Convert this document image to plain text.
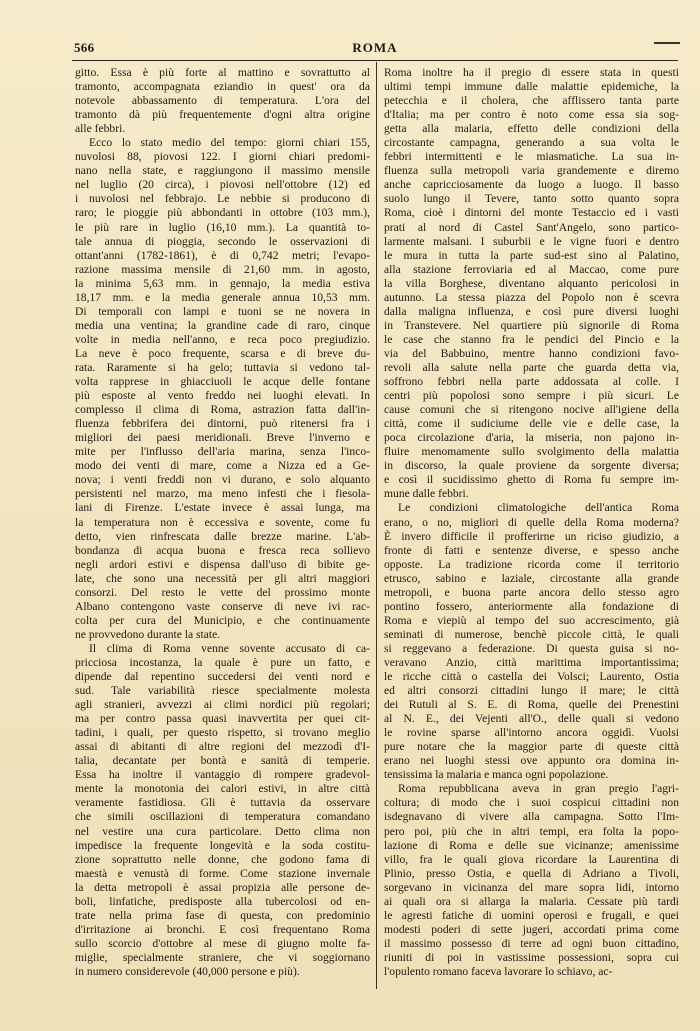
566	ROMA

gitto. Essa è più forte al mattino e sovrattutto al
tramonto, accompagnata eziandio in quest' ora da
notevole abbassamento di temperatura. L'ora del
tramonto dà più frequentemente d'ogni altra origine
alle febbri.

Ecco lo stato medio del tempo: giorni chiari 155,
nuvolosi 88, piovosi 122. I giorni chiari predomi-
nano nella state, e raggiungono il massimo mensile
nel luglio (20 circa), i piovosi nell'ottobre (12) ed
i nuvolosi nel febbrajo. Le nebbie si producono di
raro; le pioggie più abbondanti in ottobre (103 mm.),
le più rare in luglio (16,10 mm.). La quantità to-
tale annua di pioggia, secondo le osservazioni di
ottant'anni (1782-1861), è di 0,742 metri; l'evapo-
razione massima mensile di 21,60 mm. in agosto,
la minima 5,63 mm. in gennajo, la media estiva
18,17 mm. e la media generale annua 10,53 mm.
Di temporali con lampi e tuoni se ne novera in
media una ventina; la grandine cade di raro, cinque
volte in media nell'anno, e reca poco pregiudizio.
La neve è poco frequente, scarsa e di breve du-
rata. Raramente si ha gelo; tuttavia si vedono tal-
volta rapprese in ghiacciuoli le acque delle fontane
più esposte al vento freddo nei luoghi elevati. In
complesso il clima di Roma, astrazion fatta dall'in-
fluenza febbrifera dei dintorni, può ritenersi fra i
migliori dei paesi meridionali. Breve l'inverno e
mite per l'influsso dell'aria marina, senza l'inco-
modo dei venti di mare, come a Nizza ed a Ge-
nova; i venti freddi non vi durano, e solo alquanto
persistenti nel marzo, ma meno infesti che i fiesola-
lani di Firenze. L'estate invece è assai lunga, ma
la temperatura non è eccessiva e sovente, come fu
detto, vien rinfrescata dalle brezze marine. L'ab-
bondanza di acqua buona e fresca reca sollievo
negli ardori estivi e dispensa dall'uso di bibite ge-
late, che sono una necessità per gli altri maggiori
consorzi. Del resto le vette del prossimo monte
Albano contengono vaste conserve di neve ivi rac-
colta per cura del Municipio, e che continuamente
ne provvedono durante la state.

Il clima di Roma venne sovente accusato di ca-
pricciosa incostanza, la quale è pure un fatto, e
dipende dal repentino succedersi dei venti nord e
sud. Tale variabilità riesce specialmente molesta
agli stranieri, avvezzi ai climi nordici più regolari;
ma per contro passa quasi inavvertita per quei cit-
tadini, i quali, per questo rispetto, si trovano meglio
assai di abitanti di altre regioni del mezzodì d'I-
talia, decantate per bontà e sanità di temperie.
Essa ha inoltre il vantaggio di rompere gradevol-
mente la monotonia dei calori estivi, in altre città
veramente fastidiosa. Gli è tuttavia da osservare
che simili oscillazioni di temperatura comandano
nel vestire una cura particolare. Detto clima non
impedisce la frequente longevità e la soda costitu-
zione soprattutto nelle donne, che godono fama di
maestà e venustà di forme. Come stazione invernale
la detta metropoli è assai propizia alle persone de-
boli, linfatiche, predisposte alla tubercolosi od en-
trate nella prima fase di questa, con predominio
d'irritazione ai bronchi. E così frequentano Roma
sullo scorcio d'ottobre al mese di giugno molte fa-
miglie, specialmente straniere, che vi soggiornano
in numero considerevole (40,000 persone e più).

Roma inoltre ha il pregio di essere stata in questi
ultimi tempi immune dalle malattie epidemiche, la
petecchia e il cholera, che afflissero tanta parte
d'Italia; ma per contro è noto come essa sia sog-
getta alla malaria, effetto delle condizioni della
circostante campagna, generando a sua volta le
febbri intermittenti e le miasmatiche. La sua in-
fluenza sulla metropoli varia grandemente e diremo
anche capricciosamente da luogo a luogo. Il basso
suolo lungo il Tevere, tanto sotto quanto sopra
Roma, cioè i dintorni del monte Testaccio ed i vasti
prati al nord di Castel Sant'Angelo, sono partico-
larmente malsani. I suburbii e le vigne fuori e dentro
le mura in tutta la parte sud-est sino al Palatino,
alla stazione ferroviaria ed al Maccao, come pure
la villa Borghese, diventano alquanto pericolosi in
autunno. La stessa piazza del Popolo non è scevra
dalla maligna influenza, e così pure diversi luoghi
in Transtevere. Nel quartiere più signorile di Roma
le case che stanno fra le pendici del Pincio e la
via del Babbuino, mentre hanno condizioni favo-
revoli alla salute nella parte che guarda detta via,
soffrono febbri nella parte addossata al colle. I
centri più popolosi sono sempre i più sicuri. Le
cause comuni che si ritengono nocive all'igiene della
città, come il sudiciume delle vie e delle case, la
poca circolazione d'aria, la miseria, non pajono in-
fluire menomamente sullo svolgimento della malattia
in discorso, la quale proviene da sorgente diversa;
e così il sucidissimo ghetto di Roma fu sempre im-
mune dalle febbri.

Le condizioni climatologiche dell'antica Roma
erano, o no, migliori di quelle della Roma moderna?
È invero difficile il profferirne un riciso giudizio, a
fronte di fatti e sentenze diverse, e spesso anche
opposte. La tradizione ricorda come il territorio
etrusco, sabino e laziale, circostante alla grande
metropoli, e buona parte ancora dello stesso agro
pontino fossero, anteriormente alla fondazione di
Roma e viepiù al tempo del suo accrescimento, già
seminati di numerose, benchè piccole città, le quali
si reggevano a federazione. Di questa guisa si no-
veravano Anzio, città marittima importantissima;
le ricche città o castella dei Volsci; Laurento, Ostia
ed altri consorzi cittadini lungo il mare; le città
dei Rutuli al S. E. di Roma, quelle dei Prenestini
al N. E., dei Vejenti all'O., delle quali si vedono
le rovine sparse all'intorno ancora oggidì. Vuolsi
pure notare che la maggior parte di queste città
erano nei luoghi stessi ove appunto ora domina in-
tensissima la malaria e manca ogni popolazione.

Roma repubblicana aveva in gran pregio l'agri-
coltura; di modo che i suoi cospicui cittadini non
isdegnavano di vivere alla campagna. Sotto l'Im-
pero poi, più che in altri tempi, era folta la popo-
lazione di Roma e delle sue vicinanze; amenissime
villo, fra le quali giova ricordare la Laurentina di
Plinio, presso Ostia, e quella di Adriano a Tivoli,
sorgevano in vicinanza del mare sopra lidi, intorno
ai quali ora si allarga la malaria. Cessate più tardi
le agresti fatiche di uomini operosi e frugali, e quei
modesti poderi di sette jugeri, accordati prima come
il massimo possesso di terre ad ogni buon cittadino,
riuniti di poi in vastissime possessioni, sopra cui
l'opulento romano faceva lavorare lo schiavo, ac-
